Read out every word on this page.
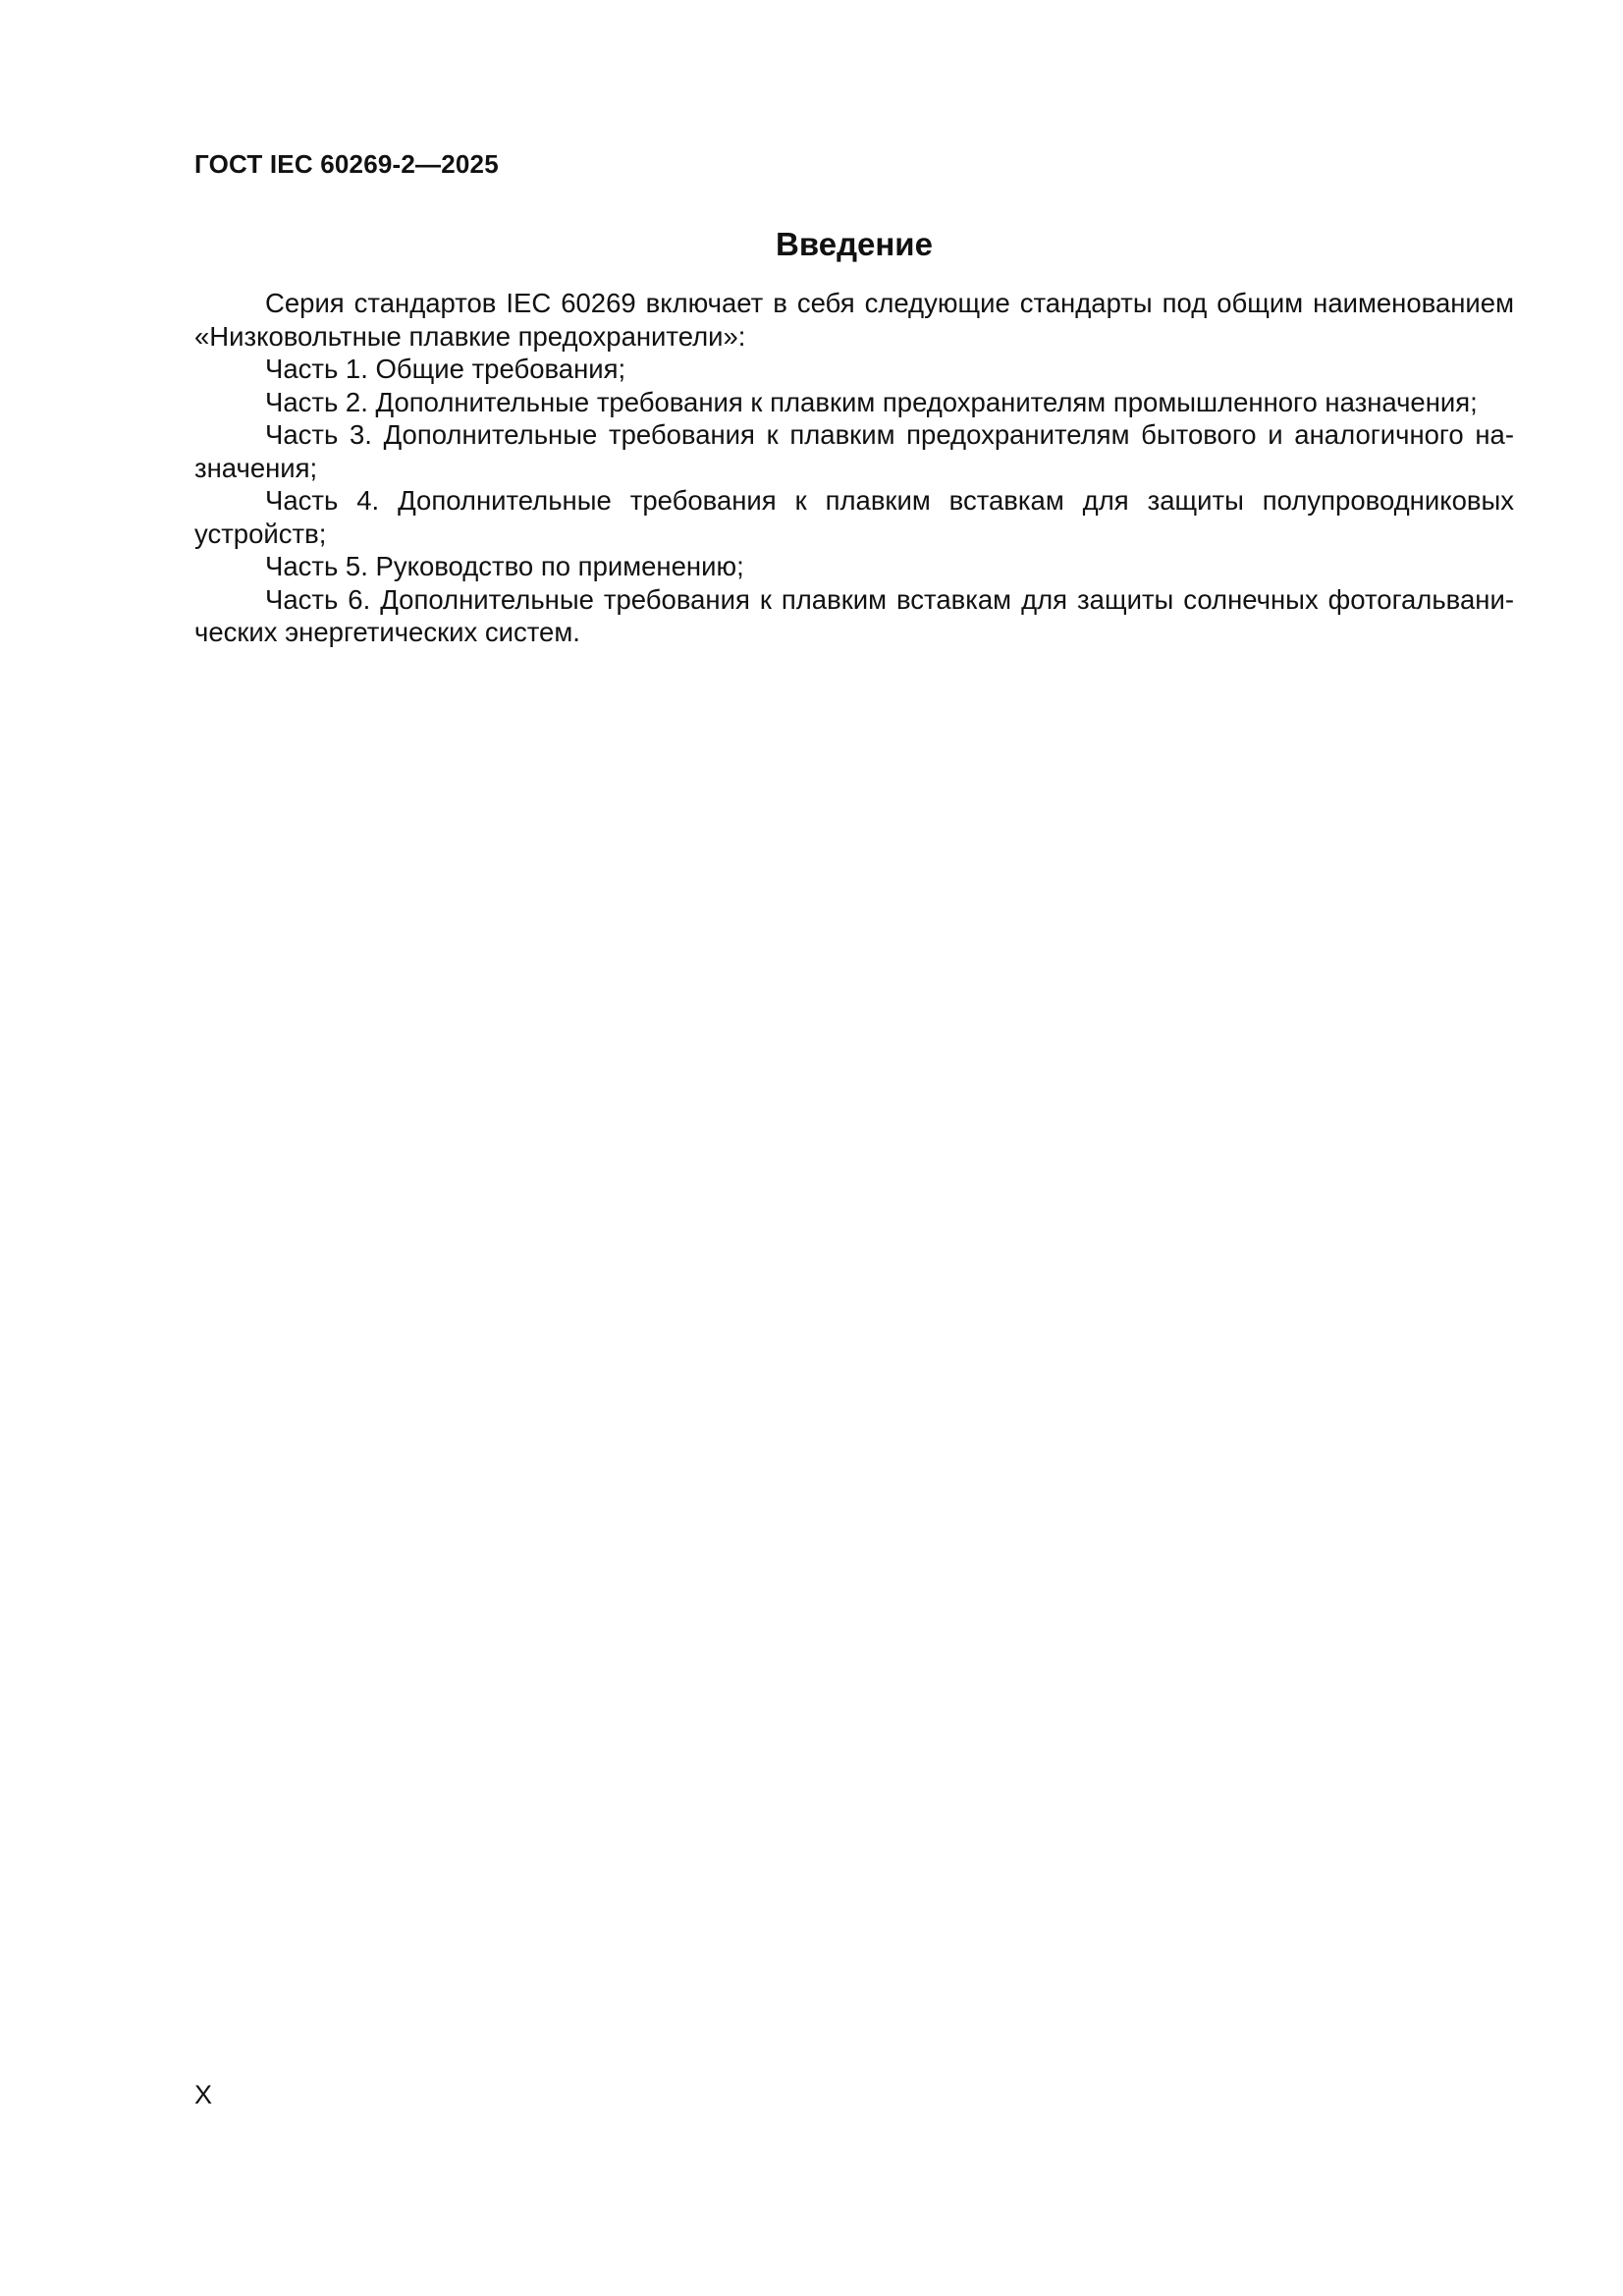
ГОСТ IEC 60269-2—2025
Введение

Серия стандартов IEC 60269 включает в себя следующие стандарты под общим наименованием «Низковольтные плавкие предохранители»:

Часть 1. Общие требования;

Часть 2. Дополнительные требования к плавким предохранителям промышленного назначения;

Часть 3. Дополнительные требования к плавким предохранителям бытового и аналогичного назначения;

Часть 4. Дополнительные требования к плавким вставкам для защиты полупроводниковых устройств;

Часть 5. Руководство по применению;

Часть 6. Дополнительные требования к плавким вставкам для защиты солнечных фотогальванических энергетических систем.

X
